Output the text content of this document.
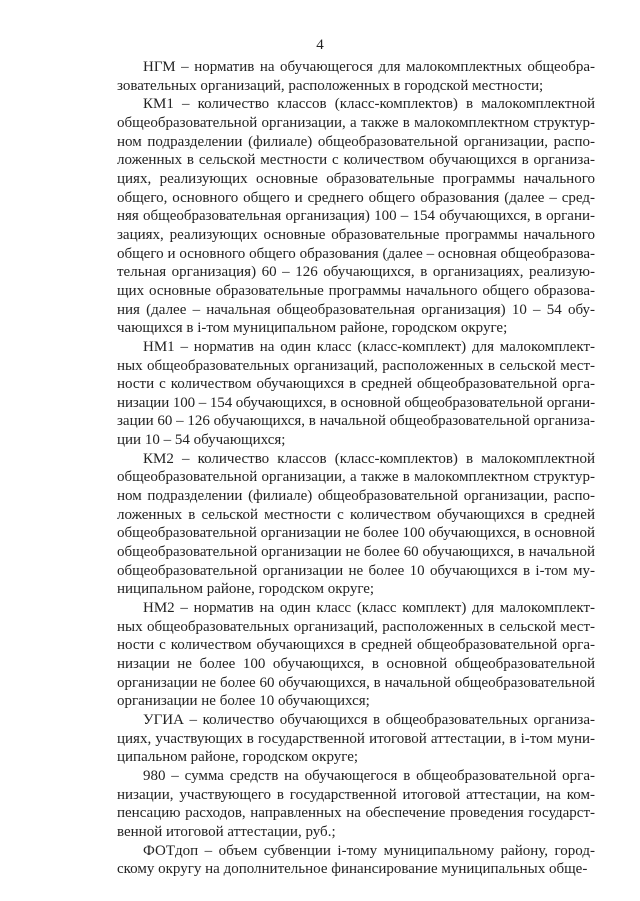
4

НГМ – норматив на обучающегося для малокомплектных общеобра-
зовательных организаций, расположенных в городской местности;

КМ1 – количество классов (класс-комплектов) в малокомплектной
общеобразовательной организации, а также в малокомплектном структур-
ном подразделении (филиале) общеобразовательной организации, распо-
ложенных в сельской местности с количеством обучающихся в организа-
циях, реализующих основные образовательные программы начального
общего, основного общего и среднего общего образования (далее – сред-
няя общеобразовательная организация) 100 – 154 обучающихся, в органи-
зациях, реализующих основные образовательные программы начального
общего и основного общего образования (далее – основная общеобразова-
тельная организация) 60 – 126 обучающихся, в организациях, реализую-
щих основные образовательные программы начального общего образова-
ния (далее – начальная общеобразовательная организация) 10 – 54 обу-
чающихся в i-том муниципальном районе, городском округе;

НМ1 – норматив на один класс (класс-комплект) для малокомплект-
ных общеобразовательных организаций, расположенных в сельской мест-
ности с количеством обучающихся в средней общеобразовательной орга-
низации 100 – 154 обучающихся, в основной общеобразовательной органи-
зации 60 – 126 обучающихся, в начальной общеобразовательной организа-
ции 10 – 54 обучающихся;

КМ2 – количество классов (класс-комплектов) в малокомплектной
общеобразовательной организации, а также в малокомплектном структур-
ном подразделении (филиале) общеобразовательной организации, распо-
ложенных в сельской местности с количеством обучающихся в средней
общеобразовательной организации не более 100 обучающихся, в основной
общеобразовательной организации не более 60 обучающихся, в начальной
общеобразовательной организации не более 10 обучающихся в i-том му-
ниципальном районе, городском округе;

НМ2 – норматив на один класс (класс комплект) для малокомплект-
ных общеобразовательных организаций, расположенных в сельской мест-
ности с количеством обучающихся в средней общеобразовательной орга-
низации не более 100 обучающихся, в основной общеобразовательной
организации не более 60 обучающихся, в начальной общеобразовательной
организации не более 10 обучающихся;

УГИА – количество обучающихся в общеобразовательных организа-
циях, участвующих в государственной итоговой аттестации, в i-том муни-
ципальном районе, городском округе;

980 – сумма средств на обучающегося в общеобразовательной орга-
низации, участвующего в государственной итоговой аттестации, на ком-
пенсацию расходов, направленных на обеспечение проведения государст-
венной итоговой аттестации, руб.;

ФОТдоп – объем субвенции i-тому муниципальному району, город-
скому округу на дополнительное финансирование муниципальных обще-
